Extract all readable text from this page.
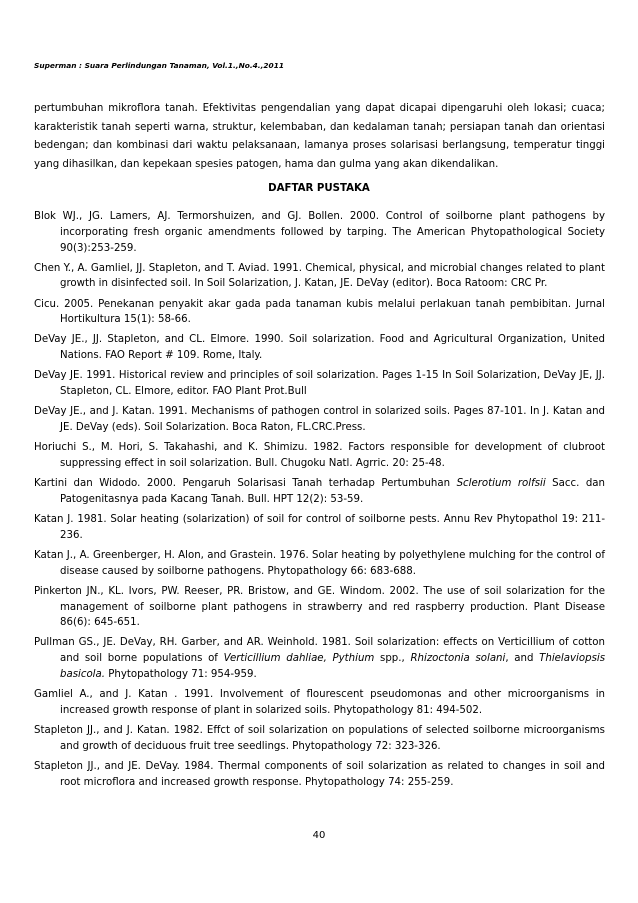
Superman : Suara Perlindungan Tanaman, Vol.1.,No.4.,2011

pertumbuhan mikroflora tanah. Efektivitas pengendalian yang dapat dicapai dipengaruhi oleh lokasi; cuaca; karakteristik tanah seperti warna, struktur, kelembaban, dan kedalaman tanah; persiapan tanah dan orientasi bedengan; dan kombinasi dari waktu pelaksanaan, lamanya proses solarisasi berlangsung, temperatur tinggi yang dihasilkan, dan kepekaan spesies patogen, hama dan gulma yang akan dikendalikan.

DAFTAR PUSTAKA

Blok WJ., JG. Lamers, AJ. Termorshuizen, and GJ. Bollen. 2000. Control of soilborne plant pathogens by incorporating fresh organic amendments followed by tarping. The American Phytopathological Society 90(3):253-259.

Chen Y., A. Gamliel, JJ. Stapleton, and T. Aviad. 1991. Chemical, physical, and microbial changes related to plant growth in disinfected soil. In Soil Solarization, J. Katan, JE. DeVay (editor). Boca Ratoom: CRC Pr.

Cicu. 2005. Penekanan penyakit akar gada pada tanaman kubis melalui perlakuan tanah pembibitan. Jurnal Hortikultura 15(1): 58-66.

DeVay JE., JJ. Stapleton, and CL. Elmore. 1990. Soil solarization. Food and Agricultural Organization, United Nations. FAO Report # 109. Rome, Italy.

DeVay JE. 1991. Historical review and principles of soil solarization. Pages 1-15 In Soil Solarization, DeVay JE, JJ. Stapleton, CL. Elmore, editor. FAO Plant Prot.Bull

DeVay JE., and J. Katan. 1991. Mechanisms of pathogen control in solarized soils. Pages 87-101. In J. Katan and JE. DeVay (eds). Soil Solarization. Boca Raton, FL.CRC.Press.

Horiuchi S., M. Hori, S. Takahashi, and K. Shimizu. 1982. Factors responsible for development of clubroot suppressing effect in soil solarization. Bull. Chugoku Natl. Agrric. 20: 25-48.

Kartini dan Widodo. 2000. Pengaruh Solarisasi Tanah terhadap Pertumbuhan Sclerotium rolfsii Sacc. dan Patogenitasnya pada Kacang Tanah. Bull. HPT 12(2): 53-59.

Katan J. 1981. Solar heating (solarization) of soil for control of soilborne pests. Annu Rev Phytopathol 19: 211-236.

Katan J., A. Greenberger, H. Alon, and Grastein. 1976. Solar heating by polyethylene mulching for the control of disease caused by soilborne pathogens. Phytopathology 66: 683-688.

Pinkerton JN., KL. Ivors, PW. Reeser, PR. Bristow, and GE. Windom. 2002. The use of soil solarization for the management of soilborne plant pathogens in strawberry and red raspberry production. Plant Disease 86(6): 645-651.

Pullman GS., JE. DeVay, RH. Garber, and AR. Weinhold. 1981. Soil solarization: effects on Verticillium of cotton and soil borne populations of Verticillium dahliae, Pythium spp., Rhizoctonia solani, and Thielaviopsis basicola. Phytopathology 71: 954-959.

Gamliel A., and J. Katan . 1991. Involvement of flourescent pseudomonas and other microorganisms in increased growth response of plant in solarized soils. Phytopathology 81: 494-502.

Stapleton JJ., and J. Katan. 1982. Effct of soil solarization on populations of selected soilborne microorganisms and growth of deciduous fruit tree seedlings. Phytopathology 72: 323-326.

Stapleton JJ., and JE. DeVay. 1984. Thermal components of soil solarization as related to changes in soil and root microflora and increased growth response. Phytopathology 74: 255-259.

40
